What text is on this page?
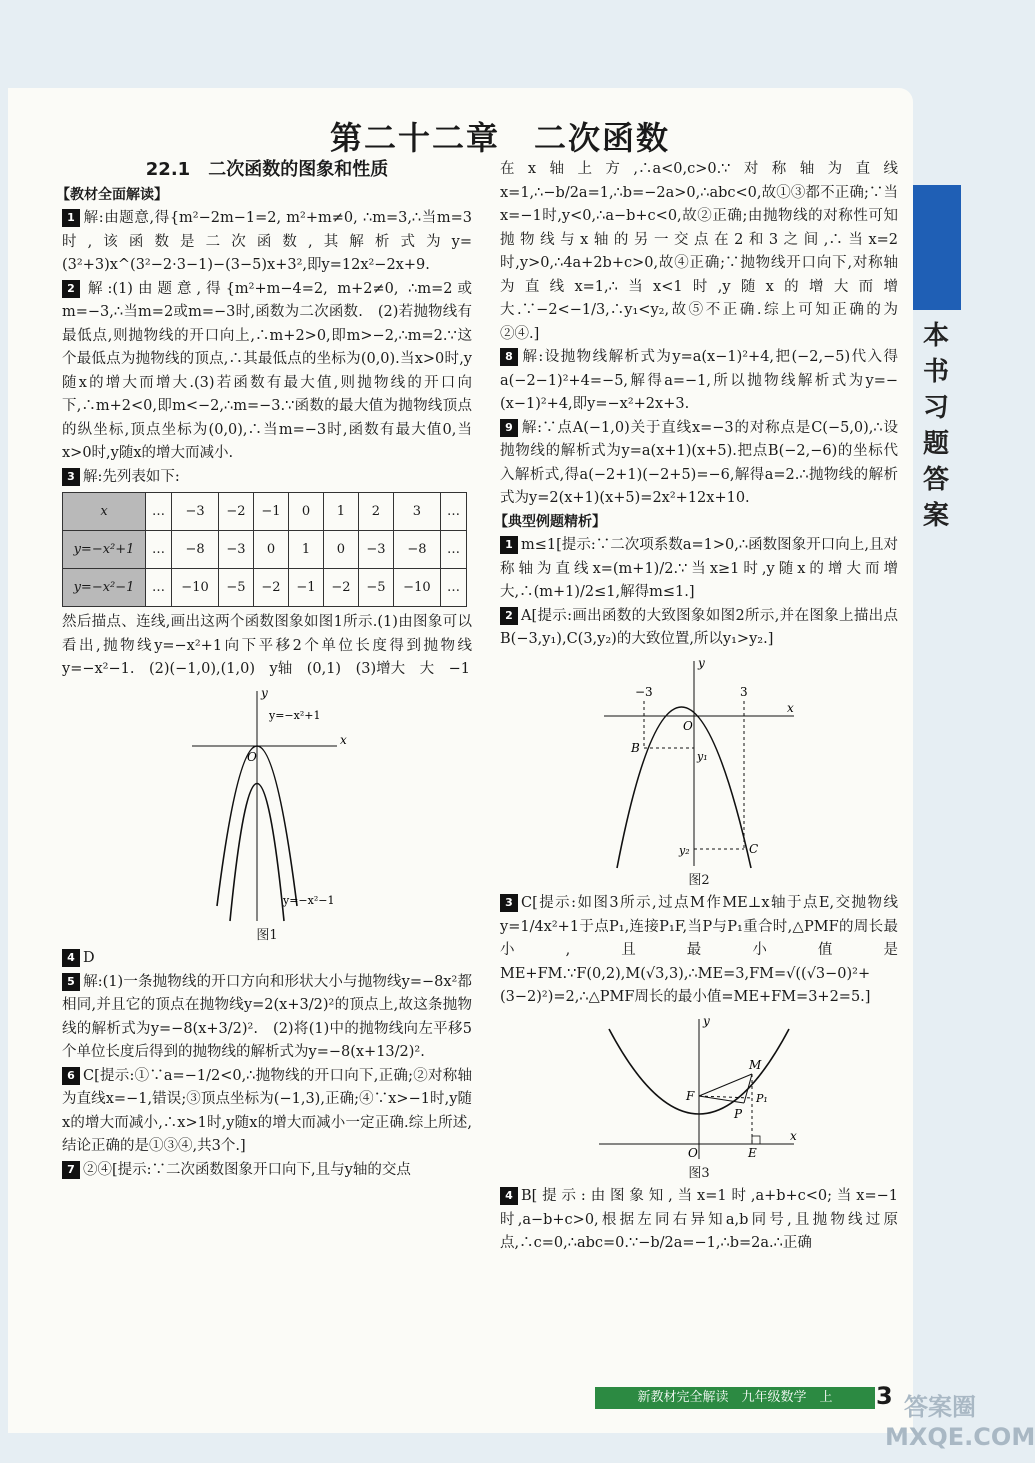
本书习题答案
第二十二章　二次函数
22.1　二次函数的图象和性质
【教材全面解读】

1 解:由题意,得{m²−2m−1=2, m²+m≠0, ∴m=3,∴当m=3时,该函数是二次函数,其解析式为y=(3²+3)x^(3²−2·3−1)−(3−5)x+3²,即y=12x²−2x+9.

2 解:(1)由题意,得{m²+m−4=2, m+2≠0, ∴m=2或m=−3,∴当m=2或m=−3时,函数为二次函数.　(2)若抛物线有最低点,则抛物线的开口向上,∴m+2>0,即m>−2,∴m=2.∵这个最低点为抛物线的顶点,∴其最低点的坐标为(0,0).当x>0时,y随x的增大而增大.(3)若函数有最大值,则抛物线的开口向下,∴m+2<0,即m<−2,∴m=−3.∵函数的最大值为抛物线顶点的纵坐标,顶点坐标为(0,0),∴当m=−3时,函数有最大值0,当x>0时,y随x的增大而减小.

3 解:先列表如下:

x	…	−3	−2	−1	0	1	2	3	…
y=−x²+1	…	−8	−3	0	1	0	−3	−8	…
y=−x²−1	…	−10	−5	−2	−1	−2	−5	−10	…

然后描点、连线,画出这两个函数图象如图1所示.(1)由图象可以看出,抛物线y=−x²+1向下平移2个单位长度得到抛物线y=−x²−1.　(2)(−1,0),(1,0)　y轴　(0,1)　(3)增大　大　−1

y=−x²+1
y=−x²−1
O
x
y
图1

4 D

5 解:(1)一条抛物线的开口方向和形状大小与抛物线y=−8x²都相同,并且它的顶点在抛物线y=2(x+3/2)²的顶点上,故这条抛物线的解析式为y=−8(x+3/2)².　(2)将(1)中的抛物线向左平移5个单位长度后得到的抛物线的解析式为y=−8(x+13/2)².

6 C[提示:①∵a=−1/2<0,∴抛物线的开口向下,正确;②对称轴为直线x=−1,错误;③顶点坐标为(−1,3),正确;④∵x>−1时,y随x的增大而减小,∴x>1时,y随x的增大而减小一定正确.综上所述,结论正确的是①③④,共3个.]

7 ②④[提示:∵二次函数图象开口向下,且与y轴的交点

在x轴上方,∴a<0,c>0.∵对称轴为直线x=1,∴−b/2a=1,∴b=−2a>0,∴abc<0,故①③都不正确;∵当x=−1时,y<0,∴a−b+c<0,故②正确;由抛物线的对称性可知抛物线与x轴的另一交点在2和3之间,∴当x=2时,y>0,∴4a+2b+c>0,故④正确;∵抛物线开口向下,对称轴为直线x=1,∴当x<1时,y随x的增大而增大.∵−2<−1/3,∴y₁<y₂,故⑤不正确.综上可知正确的为②④.]

8 解:设抛物线解析式为y=a(x−1)²+4,把(−2,−5)代入得a(−2−1)²+4=−5,解得a=−1,所以抛物线解析式为y=−(x−1)²+4,即y=−x²+2x+3.

9 解:∵点A(−1,0)关于直线x=−3的对称点是C(−5,0),∴设抛物线的解析式为y=a(x+1)(x+5).把点B(−2,−6)的坐标代入解析式,得a(−2+1)(−2+5)=−6,解得a=2.∴抛物线的解析式为y=2(x+1)(x+5)=2x²+12x+10.

【典型例题精析】

1 m≤1[提示:∵二次项系数a=1>0,∴函数图象开口向上,且对称轴为直线x=(m+1)/2.∵当x≥1时,y随x的增大而增大,∴(m+1)/2≤1,解得m≤1.]

2 A[提示:画出函数的大致图象如图2所示,并在图象上描出点B(−3,y₁),C(3,y₂)的大致位置,所以y₁>y₂.]

−3	3
O
B
y₁
y₂	C
x
y
图2

3 C[提示:如图3所示,过点M作ME⊥x轴于点E,交抛物线y=1/4x²+1于点P₁,连接P₁F,当P与P₁重合时,△PMF的周长最小,且最小值是ME+FM.∵F(0,2),M(√3,3),∴ME=3,FM=√((√3−0)²+(3−2)²)=2,∴△PMF周长的最小值=ME+FM=3+2=5.]

F
M
P
P₁
O	E
x
y
图3

4 B[提示:由图象知,当x=1时,a+b+c<0;当x=−1时,a−b+c>0,根据左同右异知a,b同号,且抛物线过原点,∴c=0,∴abc=0.∵−b/2a=−1,∴b=2a.∴正确

新教材完全解读　九年级数学　上	3 答案圈 MXQE.COM
